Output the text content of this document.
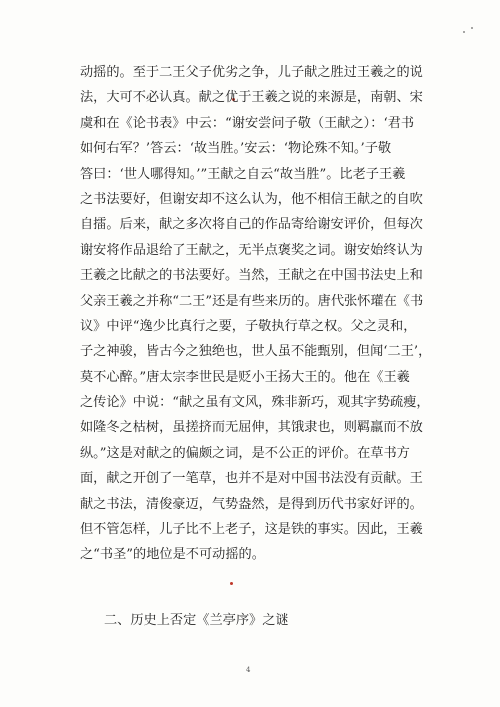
动摇的。至于二王父子优劣之争，儿子献之胜过王羲之的说
法，大可不必认真。献之优于王羲之说的来源是，南朝、宋
虞和在《论书表》中云：“谢安尝问子敬（王献之）：‘君书
如何右军？’答云：‘故当胜。’安云：‘物论殊不知。’子敬
答曰：‘世人哪得知。’”王献之自云“故当胜”。比老子王羲
之书法要好，但谢安却不这么认为，他不相信王献之的自吹
自擂。后来，献之多次将自己的作品寄给谢安评价，但每次
谢安将作品退给了王献之，无半点褒奖之词。谢安始终认为
王羲之比献之的书法要好。当然，王献之在中国书法史上和
父亲王羲之并称“二王”还是有些来历的。唐代张怀瓘在《书
议》中评“逸少比真行之要，子敬执行草之权。父之灵和，
子之神骏，皆古今之独绝也，世人虽不能甄别，但闻‘二王’，
莫不心醉。”唐太宗李世民是贬小王扬大王的。他在《王羲
之传论》中说：“献之虽有文风，殊非新巧，观其字势疏瘦，
如隆冬之枯树，虽搓挤而无屈伸，其饿隶也，则羁羸而不放
纵。”这是对献之的偏颇之词，是不公正的评价。在草书方
面，献之开创了一笔草，也并不是对中国书法没有贡献。王
献之书法，清俊豪迈，气势盎然，是得到历代书家好评的。
但不管怎样，儿子比不上老子，这是铁的事实。因此，王羲
之“书圣”的地位是不可动摇的。
二、历史上否定《兰亭序》之谜
4
